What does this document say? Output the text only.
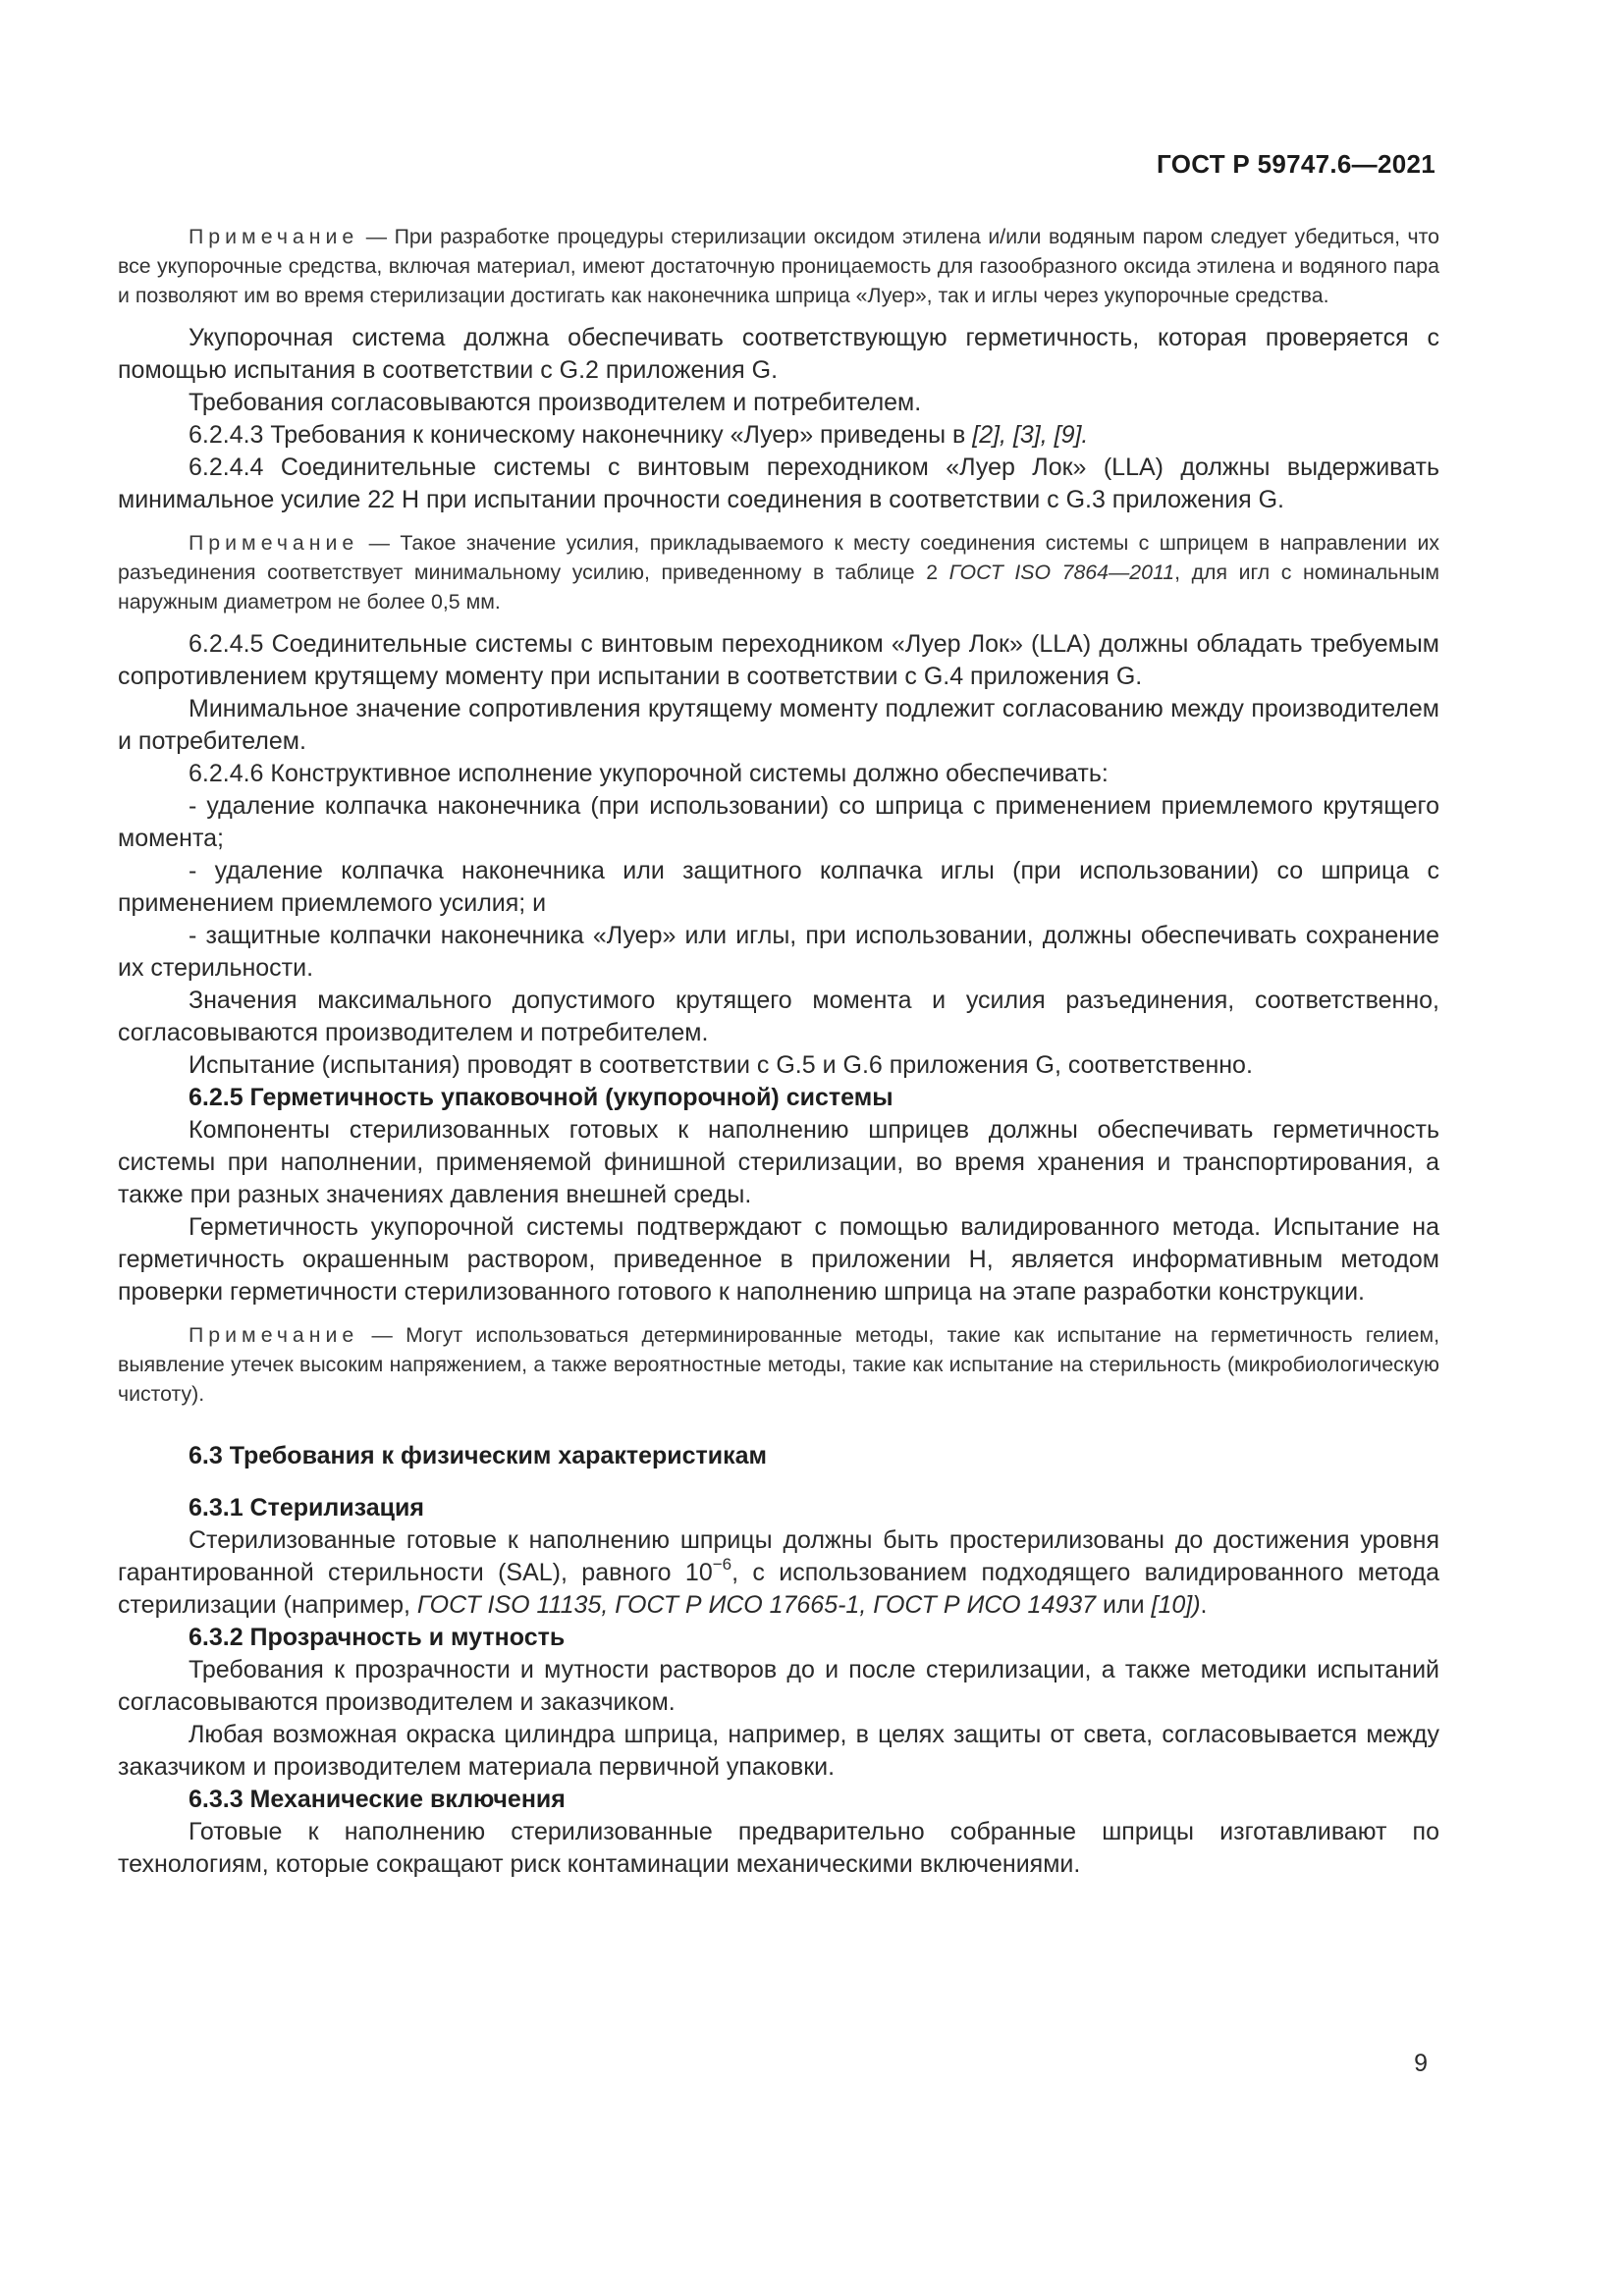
ГОСТ Р 59747.6—2021

Примечание — При разработке процедуры стерилизации оксидом этилена и/или водяным паром следует убедиться, что все укупорочные средства, включая материал, имеют достаточную проницаемость для газообразного оксида этилена и водяного пара и позволяют им во время стерилизации достигать как наконечника шприца «Луер», так и иглы через укупорочные средства.

Укупорочная система должна обеспечивать соответствующую герметичность, которая проверяется с помощью испытания в соответствии с G.2 приложения G.

Требования согласовываются производителем и потребителем.

6.2.4.3 Требования к коническому наконечнику «Луер» приведены в [2], [3], [9].

6.2.4.4 Соединительные системы с винтовым переходником «Луер Лок» (LLA) должны выдерживать минимальное усилие 22 Н при испытании прочности соединения в соответствии с G.3 приложения G.

Примечание — Такое значение усилия, прикладываемого к месту соединения системы с шприцем в направлении их разъединения соответствует минимальному усилию, приведенному в таблице 2 ГОСТ ISO 7864—2011, для игл с номинальным наружным диаметром не более 0,5 мм.

6.2.4.5 Соединительные системы с винтовым переходником «Луер Лок» (LLA) должны обладать требуемым сопротивлением крутящему моменту при испытании в соответствии с G.4 приложения G.

Минимальное значение сопротивления крутящему моменту подлежит согласованию между производителем и потребителем.

6.2.4.6 Конструктивное исполнение укупорочной системы должно обеспечивать:

- удаление колпачка наконечника (при использовании) со шприца с применением приемлемого крутящего момента;

- удаление колпачка наконечника или защитного колпачка иглы (при использовании) со шприца с применением приемлемого усилия; и

- защитные колпачки наконечника «Луер» или иглы, при использовании, должны обеспечивать сохранение их стерильности.

Значения максимального допустимого крутящего момента и усилия разъединения, соответственно, согласовываются производителем и потребителем.

Испытание (испытания) проводят в соответствии с G.5 и G.6 приложения G, соответственно.

6.2.5 Герметичность упаковочной (укупорочной) системы

Компоненты стерилизованных готовых к наполнению шприцев должны обеспечивать герметичность системы при наполнении, применяемой финишной стерилизации, во время хранения и транспортирования, а также при разных значениях давления внешней среды.

Герметичность укупорочной системы подтверждают с помощью валидированного метода. Испытание на герметичность окрашенным раствором, приведенное в приложении Н, является информативным методом проверки герметичности стерилизованного готового к наполнению шприца на этапе разработки конструкции.

Примечание — Могут использоваться детерминированные методы, такие как испытание на герметичность гелием, выявление утечек высоким напряжением, а также вероятностные методы, такие как испытание на стерильность (микробиологическую чистоту).

6.3 Требования к физическим характеристикам

6.3.1 Стерилизация

Стерилизованные готовые к наполнению шприцы должны быть простерилизованы до достижения уровня гарантированной стерильности (SAL), равного $10^{-6}$, с использованием подходящего валидированного метода стерилизации (например, ГОСТ ISO 11135, ГОСТ Р ИСО 17665-1, ГОСТ Р ИСО 14937 или [10]).

6.3.2 Прозрачность и мутность

Требования к прозрачности и мутности растворов до и после стерилизации, а также методики испытаний согласовываются производителем и заказчиком.

Любая возможная окраска цилиндра шприца, например, в целях защиты от света, согласовывается между заказчиком и производителем материала первичной упаковки.

6.3.3 Механические включения

Готовые к наполнению стерилизованные предварительно собранные шприцы изготавливают по технологиям, которые сокращают риск контаминации механическими включениями.

9
